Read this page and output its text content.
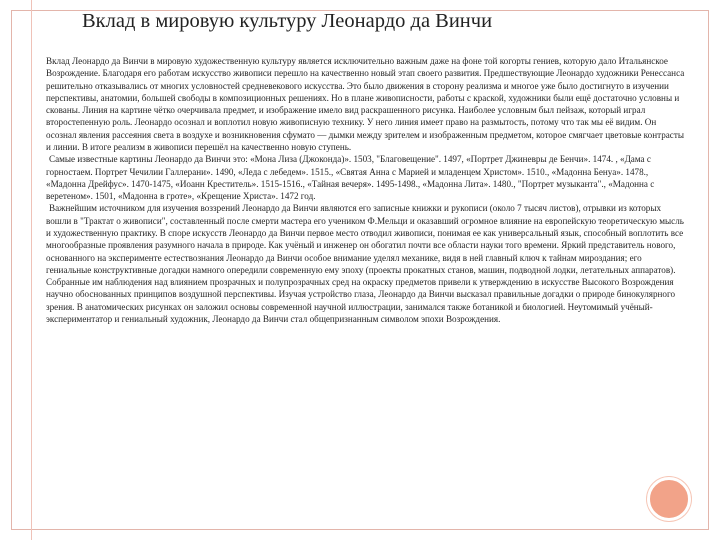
Вклад в мировую культуру Леонардо да Винчи

Вклад Леонардо да Винчи в мировую художественную культуру является исключительно важным даже на фоне той когорты гениев, которую дало Итальянское Возрождение. Благодаря его работам искусство живописи перешло на качественно новый этап своего развития. Предшествующие Леонардо художники Ренессанса решительно отказывались от многих условностей средневекового искусства. Это было движения в сторону реализма и многое уже было достигнуто в изучении перспективы, анатомии, большей свободы в композиционных решениях. Но в плане живописности, работы с краской, художники были ещё достаточно условны и скованы. Линия на картине чётко очерчивала предмет, и изображение имело вид раскрашенного рисунка. Наиболее условным был пейзаж, который играл второстепенную роль. Леонардо осознал и воплотил новую живописную технику. У него линия имеет право на размытость, потому что так мы её видим. Он осознал явления рассеяния света в воздухе и возникновения сфумато — дымки между зрителем и изображенным предметом, которое смягчает цветовые контрасты и линии. В итоге реализм в живописи перешёл на качественно новую ступень.

Самые известные картины Леонардо да Винчи это: «Мона Лиза (Джоконда)». 1503, "Благовещение". 1497, «Портрет Джиневры де Бенчи». 1474. , «Дама с горностаем. Портрет Чечилии Галлерани». 1490, «Леда с лебедем». 1515., «Святая Анна с Марией и младенцем Христом». 1510., «Мадонна Бенуа». 1478., «Мадонна Дрейфус». 1470-1475, «Иоанн Креститель». 1515-1516., «Тайная вечеря». 1495-1498., «Мадонна Лита». 1480., "Портрет музыканта"., «Мадонна с веретеном». 1501, «Мадонна в гроте», «Крещение Христа». 1472 год.

Важнейшим источником для изучения воззрений Леонардо да Винчи являются его записные книжки и рукописи (около 7 тысяч листов), отрывки из которых вошли в "Трактат о живописи", составленный после смерти мастера его учеником Ф.Мельци и оказавший огромное влияние на европейскую теоретическую мысль и художественную практику. В споре искусств Леонардо да Винчи первое место отводил живописи, понимая ее как универсальный язык, способный воплотить все многообразные проявления разумного начала в природе. Как учёный и инженер он обогатил почти все области науки того времени. Яркий представитель нового, основанного на эксперименте естествознания Леонардо да Винчи особое внимание уделял механике, видя в ней главный ключ к тайнам мироздания; его гениальные конструктивные догадки намного опередили современную ему эпоху (проекты прокатных станов, машин, подводной лодки, летательных аппаратов). Собранные им наблюдения над влиянием прозрачных и полупрозрачных сред на окраску предметов привели к утверждению в искусстве Высокого Возрождения научно обоснованных принципов воздушной перспективы. Изучая устройство глаза, Леонардо да Винчи высказал правильные догадки о природе бинокулярного зрения. В анатомических рисунках он заложил основы современной научной иллюстрации, занимался также ботаникой и биологией. Неутомимый учёный-экспериментатор и гениальный художник, Леонардо да Винчи стал общепризнанным символом эпохи Возрождения.
